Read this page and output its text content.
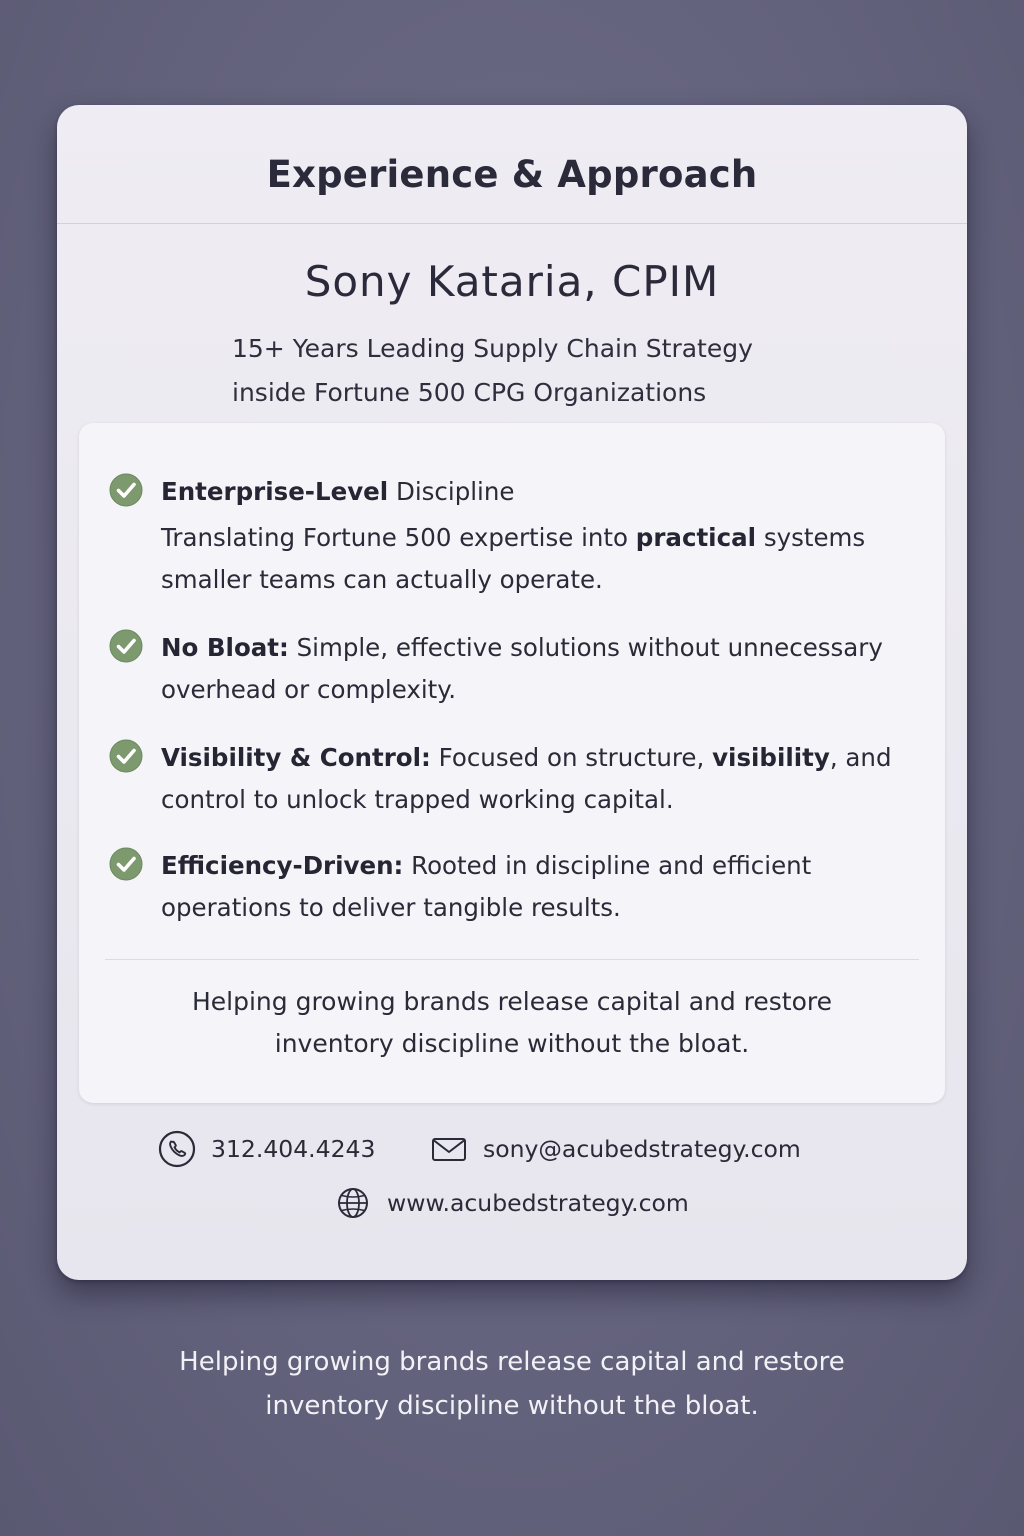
Experience & Approach
Sony Kataria, CPIM
15+ Years Leading Supply Chain Strategy
inside Fortune 500 CPG Organizations
Enterprise-Level Discipline
Translating Fortune 500 expertise into practical systems smaller teams can actually operate.
No Bloat: Simple, effective solutions without unnecessary overhead or complexity.
Visibility & Control: Focused on structure, visibility, and control to unlock trapped working capital.
Efficiency-Driven: Rooted in discipline and efficient operations to deliver tangible results.
Helping growing brands release capital and restore
inventory discipline without the bloat.
312.404.4243	sony@acubedstrategy.com
www.acubedstrategy.com
Helping growing brands release capital and restore
inventory discipline without the bloat.
